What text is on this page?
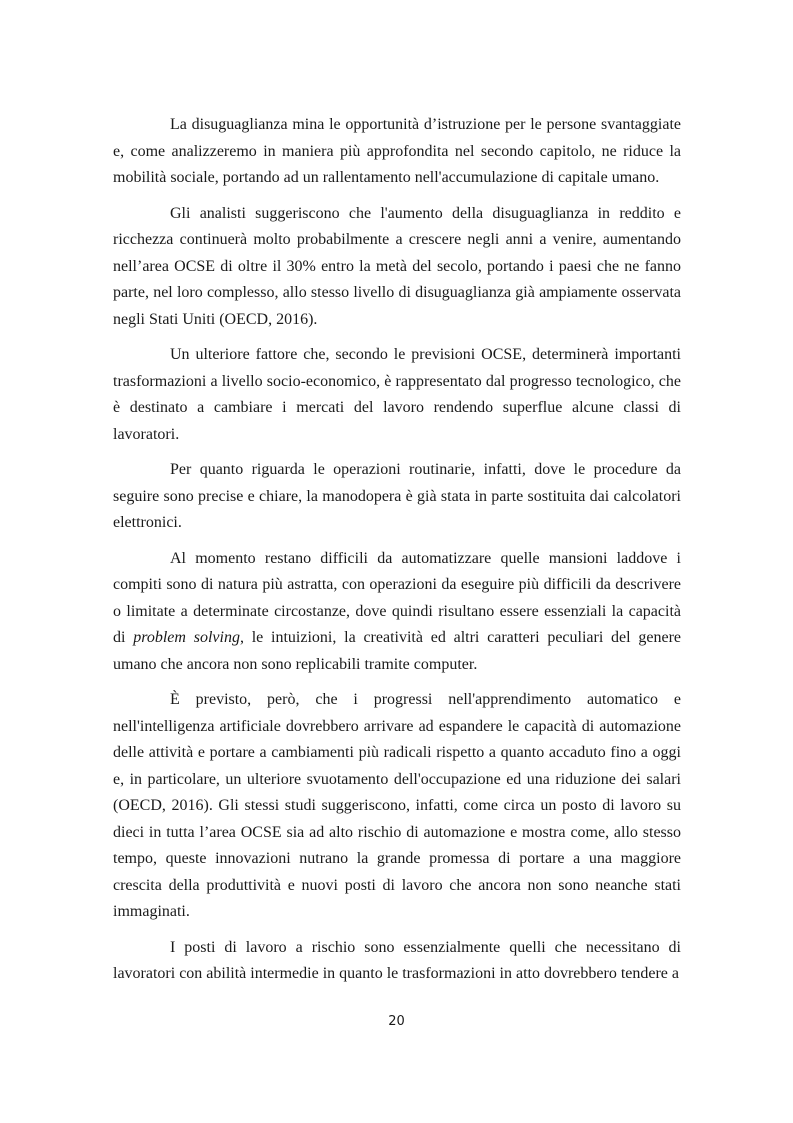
La disuguaglianza mina le opportunità d’istruzione per le persone svantaggiate e, come analizzeremo in maniera più approfondita nel secondo capitolo, ne riduce la mobilità sociale, portando ad un rallentamento nell'accumulazione di capitale umano.

Gli analisti suggeriscono che l'aumento della disuguaglianza in reddito e ricchezza continuerà molto probabilmente a crescere negli anni a venire, aumentando nell’area OCSE di oltre il 30% entro la metà del secolo, portando i paesi che ne fanno parte, nel loro complesso, allo stesso livello di disuguaglianza già ampiamente osservata negli Stati Uniti (OECD, 2016).

Un ulteriore fattore che, secondo le previsioni OCSE, determinerà importanti trasformazioni a livello socio-economico, è rappresentato dal progresso tecnologico, che è destinato a cambiare i mercati del lavoro rendendo superflue alcune classi di lavoratori.

Per quanto riguarda le operazioni routinarie, infatti, dove le procedure da seguire sono precise e chiare, la manodopera è già stata in parte sostituita dai calcolatori elettronici.

Al momento restano difficili da automatizzare quelle mansioni laddove i compiti sono di natura più astratta, con operazioni da eseguire più difficili da descrivere o limitate a determinate circostanze, dove quindi risultano essere essenziali la capacità di problem solving, le intuizioni, la creatività ed altri caratteri peculiari del genere umano che ancora non sono replicabili tramite computer.

È previsto, però, che i progressi nell'apprendimento automatico e nell'intelligenza artificiale dovrebbero arrivare ad espandere le capacità di automazione delle attività e portare a cambiamenti più radicali rispetto a quanto accaduto fino a oggi e, in particolare, un ulteriore svuotamento dell'occupazione ed una riduzione dei salari (OECD, 2016). Gli stessi studi suggeriscono, infatti, come circa un posto di lavoro su dieci in tutta l’area OCSE sia ad alto rischio di automazione e mostra come, allo stesso tempo, queste innovazioni nutrano la grande promessa di portare a una maggiore crescita della produttività e nuovi posti di lavoro che ancora non sono neanche stati immaginati.

I posti di lavoro a rischio sono essenzialmente quelli che necessitano di lavoratori con abilità intermedie in quanto le trasformazioni in atto dovrebbero tendere a

20
